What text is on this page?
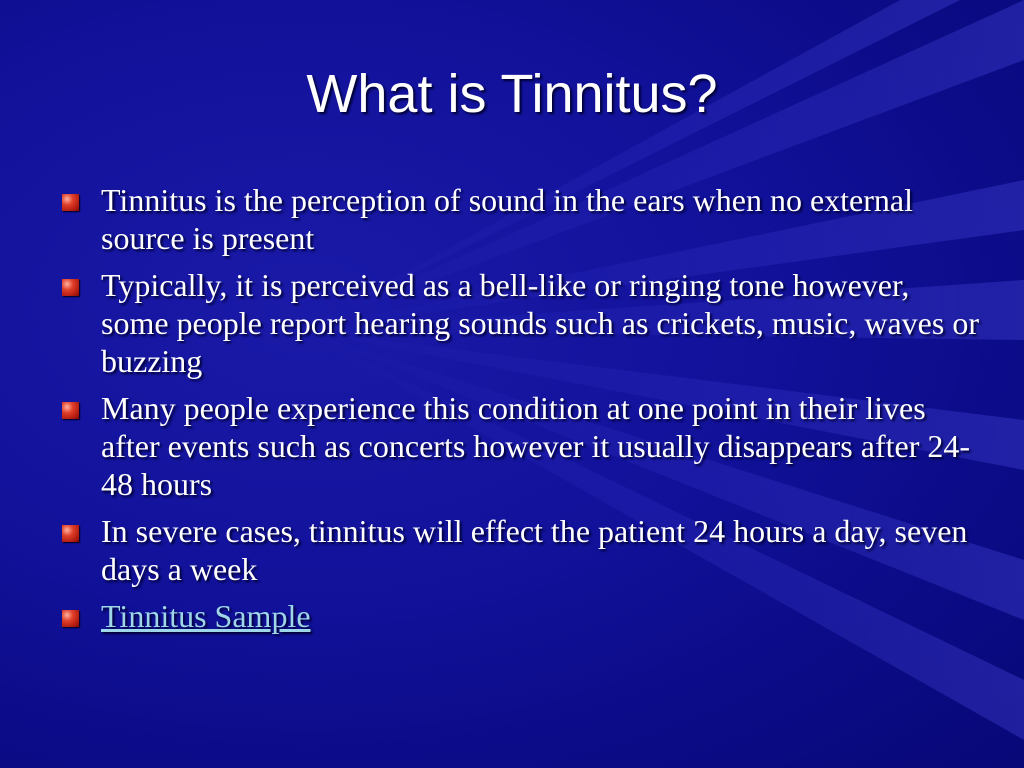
What is Tinnitus?
Tinnitus is the perception of sound in the ears when no external source is present
Typically, it is perceived as a bell-like or ringing tone however, some people report hearing sounds such as crickets, music, waves or buzzing
Many people experience this condition at one point in their lives after events such as concerts however it usually disappears after 24-48 hours
In severe cases, tinnitus will effect the patient 24 hours a day, seven days a week
Tinnitus Sample
